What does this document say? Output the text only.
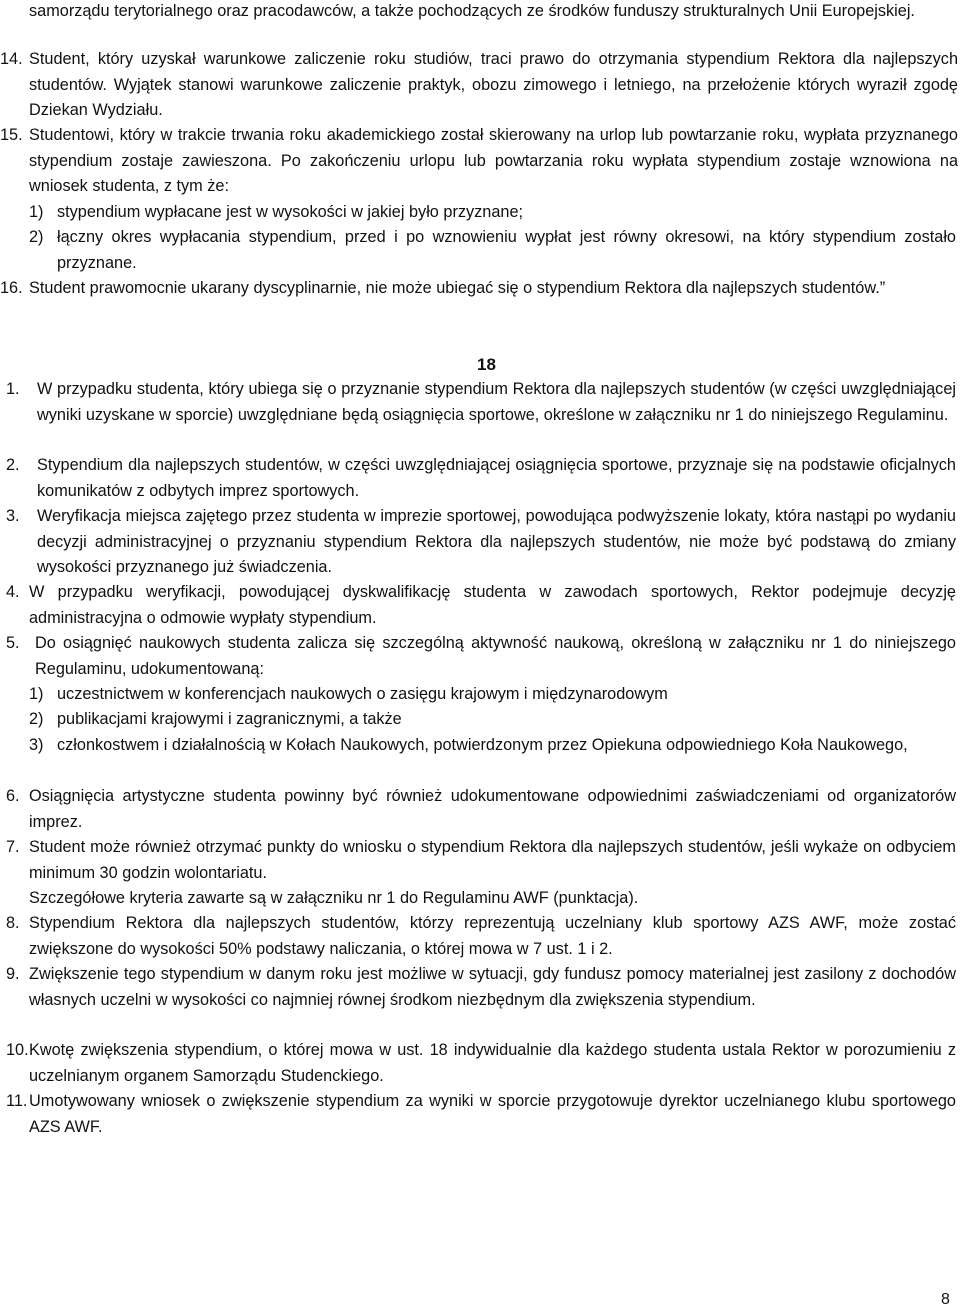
samorządu terytorialnego oraz pracodawców, a także pochodzących ze środków funduszy strukturalnych Unii Europejskiej.
14. Student, który uzyskał warunkowe zaliczenie roku studiów, traci prawo do otrzymania stypendium Rektora dla najlepszych studentów. Wyjątek stanowi warunkowe zaliczenie praktyk, obozu zimowego i letniego, na przełożenie których wyraził zgodę Dziekan Wydziału.
15. Studentowi, który w trakcie trwania roku akademickiego został skierowany na urlop lub powtarzanie roku, wypłata przyznanego stypendium zostaje zawieszona. Po zakończeniu urlopu lub powtarzania roku wypłata stypendium zostaje wznowiona na wniosek studenta, z tym że:
1) stypendium wypłacane jest w wysokości w jakiej było przyznane;
2) łączny okres wypłacania stypendium, przed i po wznowieniu wypłat jest równy okresowi, na który stypendium zostało przyznane.
16. Student prawomocnie ukarany dyscyplinarnie, nie może ubiegać się o stypendium Rektora dla najlepszych studentów.”
18
1.	W przypadku studenta, który ubiega się o przyznanie stypendium Rektora dla najlepszych studentów (w części uwzględniającej wyniki uzyskane w sporcie) uwzględniane będą osiągnięcia sportowe, określone w załączniku nr 1 do niniejszego Regulaminu.
2.	Stypendium dla najlepszych studentów, w części uwzględniającej osiągnięcia sportowe, przyznaje się na podstawie oficjalnych komunikatów z odbytych imprez sportowych.
3.	Weryfikacja miejsca zajętego przez studenta w imprezie sportowej, powodująca podwyższenie lokaty, która nastąpi po wydaniu decyzji administracyjnej o przyznaniu stypendium Rektora dla najlepszych studentów, nie może być podstawą do zmiany wysokości przyznanego już świadczenia.
4. W przypadku weryfikacji, powodującej dyskwalifikację studenta w zawodach sportowych, Rektor podejmuje decyzję administracyjna o odmowie wypłaty stypendium.
5. Do osiągnięć naukowych studenta zalicza się szczególną aktywność naukową, określoną w załączniku nr 1 do niniejszego Regulaminu, udokumentowaną:
1) uczestnictwem w konferencjach naukowych o zasięgu krajowym i międzynarodowym
2) publikacjami krajowymi i zagranicznymi, a także
3) członkostwem i działalnością w Kołach Naukowych, potwierdzonym przez Opiekuna odpowiedniego Koła Naukowego,
6. Osiągnięcia artystyczne studenta powinny być również udokumentowane odpowiednimi zaświadczeniami od organizatorów imprez.
7. Student może również otrzymać punkty do wniosku o stypendium Rektora dla najlepszych studentów, jeśli wykaże on odbyciem minimum 30 godzin wolontariatu.
Szczegółowe kryteria zawarte są w załączniku nr 1 do Regulaminu AWF (punktacja).
8. Stypendium Rektora dla najlepszych studentów, którzy reprezentują uczelniany klub sportowy AZS AWF, może zostać zwiększone do wysokości 50% podstawy naliczania, o której mowa w 7 ust. 1 i 2.
9. Zwiększenie tego stypendium w danym roku jest możliwe w sytuacji, gdy fundusz pomocy materialnej jest zasilony z dochodów własnych uczelni w wysokości co najmniej równej środkom niezbędnym dla zwiększenia stypendium.
10. Kwotę zwiększenia stypendium, o której mowa w ust. 18 indywidualnie dla każdego studenta ustala Rektor w porozumieniu z uczelnianym organem Samorządu Studenckiego.
11. Umotywowany wniosek o zwiększenie stypendium za wyniki w sporcie przygotowuje dyrektor uczelnianego klubu sportowego AZS AWF.
8
